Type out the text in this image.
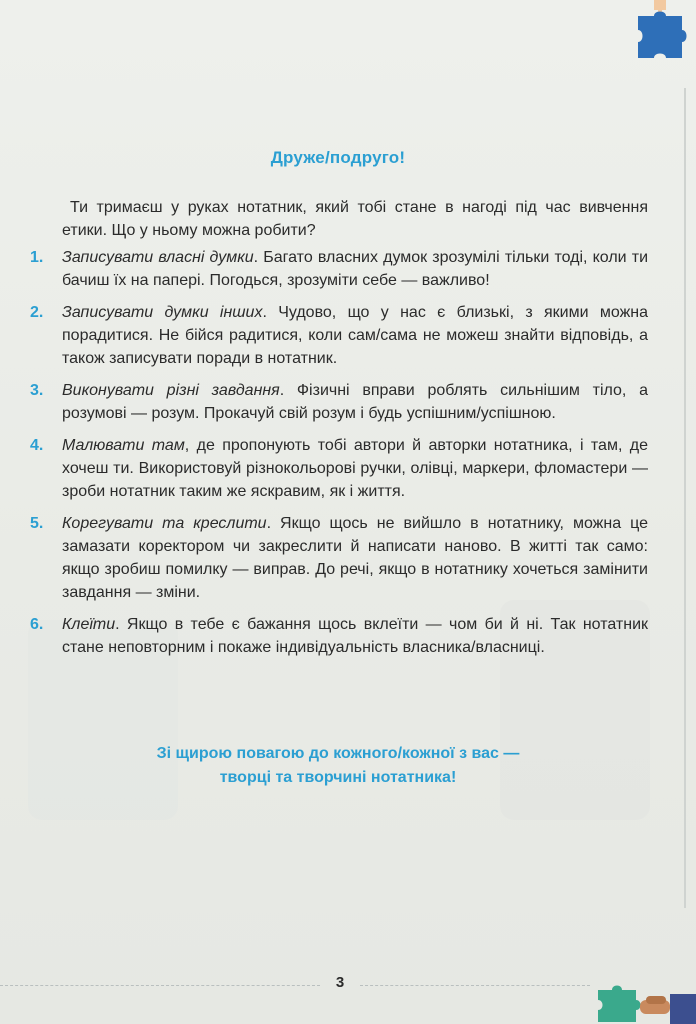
Друже/подруго!

Ти тримаєш у руках нотатник, який тобі стане в нагоді під час вивчення етики. Що у ньому можна робити?

1. Записувати власні думки. Багато власних думок зрозумілі тільки тоді, коли ти бачиш їх на папері. Погодься, зрозуміти себе — важливо!
2. Записувати думки інших. Чудово, що у нас є близькі, з якими можна порадитися. Не бійся радитися, коли сам/сама не можеш знайти відповідь, а також записувати поради в нотатник.
3. Виконувати різні завдання. Фізичні вправи роблять сильнішим тіло, а розумові — розум. Прокачуй свій розум і будь успішним/успішною.
4. Малювати там, де пропонують тобі автори й авторки нотатника, і там, де хочеш ти. Використовуй різнокольорові ручки, олівці, маркери, фломастери — зроби нотатник таким же яскравим, як і життя.
5. Корегувати та креслити. Якщо щось не вийшло в нотатнику, можна це замазати коректором чи закреслити й написати наново. В житті так само: якщо зробиш помилку — виправ. До речі, якщо в нотатнику хочеться замінити завдання — зміни.
6. Клеїти. Якщо в тебе є бажання щось вклеїти — чом би й ні. Так нотатник стане неповторним і покаже індивідуальність власника/власниці.
Зі щирою повагою до кожного/кожної з вас —
творці та творчині нотатника!
3
